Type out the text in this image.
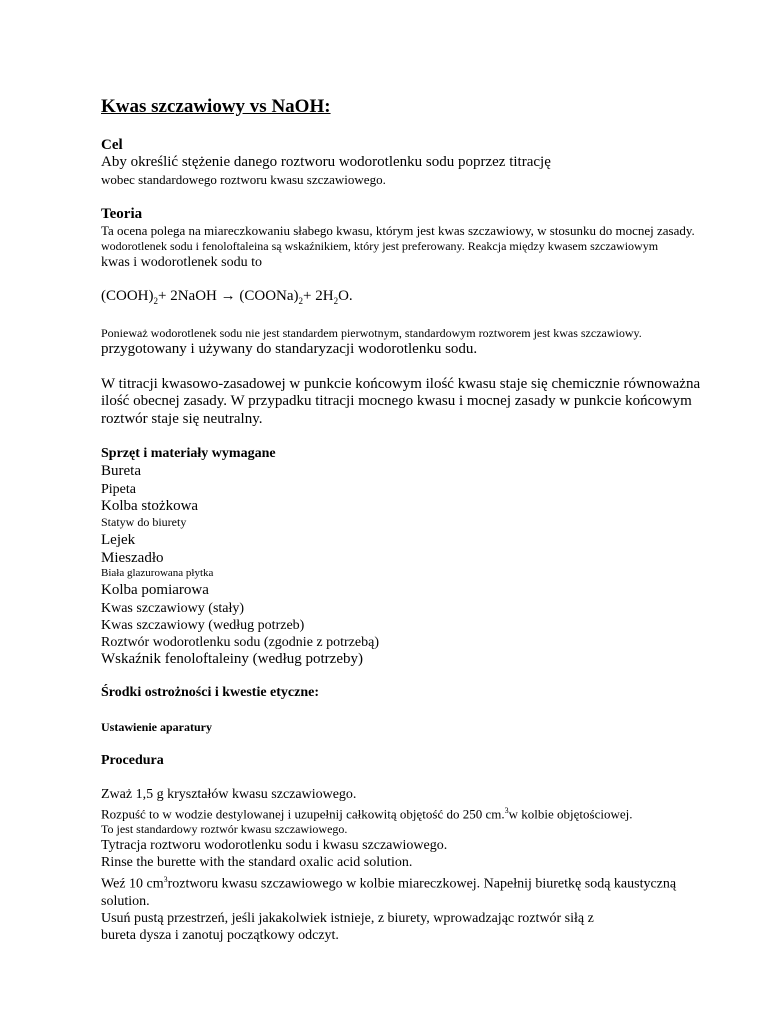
Kwas szczawiowy vs NaOH:

Cel

Aby określić stężenie danego roztworu wodorotlenku sodu poprzez titrację

wobec standardowego roztworu kwasu szczawiowego.

Teoria

Ta ocena polega na miareczkowaniu słabego kwasu, którym jest kwas szczawiowy, w stosunku do mocnej zasady.

wodorotlenek sodu i fenoloftaleina są wskaźnikiem, który jest preferowany. Reakcja między kwasem szczawiowym

kwas i wodorotlenek sodu to

$(COOH)_2+$ 2NaOH → $(COONa)_2+ 2H_2O$.

Ponieważ wodorotlenek sodu nie jest standardem pierwotnym, standardowym roztworem jest kwas szczawiowy.

przygotowany i używany do standaryzacji wodorotlenku sodu.

W titracji kwasowo-zasadowej w punkcie końcowym ilość kwasu staje się chemicznie równoważna

ilość obecnej zasady. W przypadku titracji mocnego kwasu i mocnej zasady w punkcie końcowym

roztwór staje się neutralny.

Sprzęt i materiały wymagane

Bureta

Pipeta

Kolba stożkowa

Statyw do biurety

Lejek

Mieszadło

Biała glazurowana płytka

Kolba pomiarowa

Kwas szczawiowy (stały)

Kwas szczawiowy (według potrzeb)

Roztwór wodorotlenku sodu (zgodnie z potrzebą)

Wskaźnik fenoloftaleiny (według potrzeby)

Środki ostrożności i kwestie etyczne:

Ustawienie aparatury

Procedura

Zważ 1,5 g kryształów kwasu szczawiowego.

Rozpuść to w wodzie destylowanej i uzupełnij całkowitą objętość do 250 cm.$^3$w kolbie objętościowej.

To jest standardowy roztwór kwasu szczawiowego.

Tytracja roztworu wodorotlenku sodu i kwasu szczawiowego.

Rinse the burette with the standard oxalic acid solution.

Weź 10 $cm^3roztworu$ kwasu szczawiowego w kolbie miareczkowej. Napełnij biuretkę sodą kaustyczną

solution.

Usuń pustą przestrzeń, jeśli jakakolwiek istnieje, z biurety, wprowadzając roztwór siłą z

bureta dysza i zanotuj początkowy odczyt.
